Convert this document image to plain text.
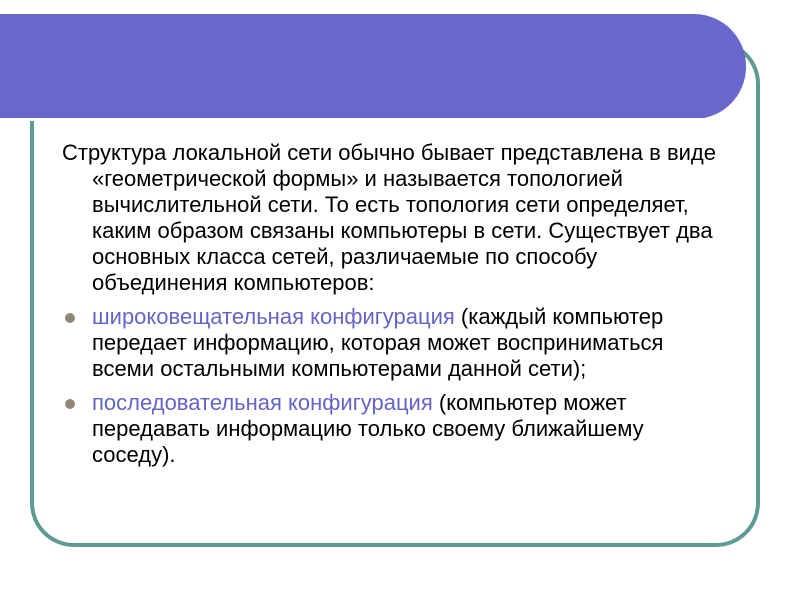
Структура локальной сети обычно бывает представлена в виде «геометрической формы» и называется топологией вычислительной сети. То есть топология сети определяет, каким образом связаны компьютеры в сети. Существует два основных класса сетей, различаемые по способу объединения компьютеров:

широковещательная конфигурация (каждый компьютер передает информацию, которая может восприниматься всеми остальными компьютерами данной сети);
последовательная конфигурация (компьютер может передавать информацию только своему ближайшему соседу).
